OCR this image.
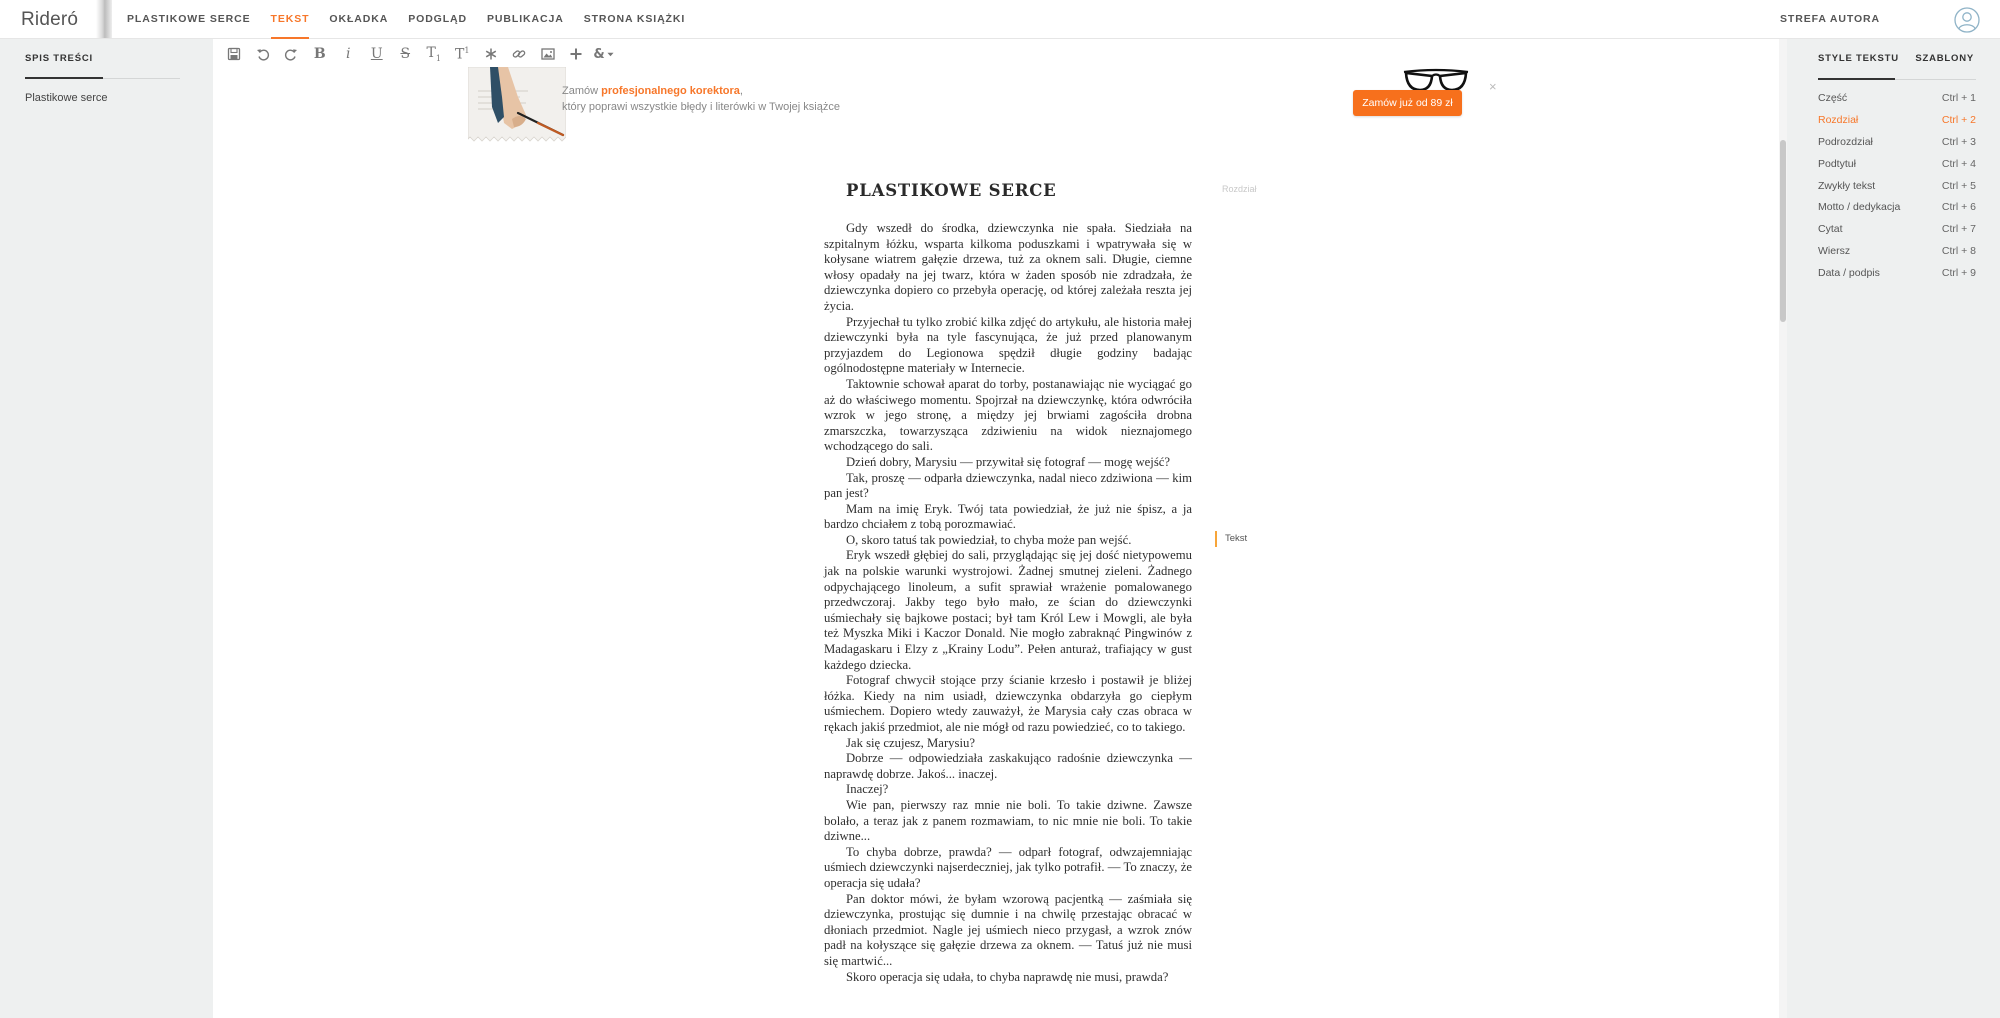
Rideró	PLASTIKOWE SERCE	TEKST	OKŁADKA	PODGLĄD	PUBLIKACJA	STRONA KSIĄŻKI	STREFA AUTORA
SPIS TREŚCI
Plastikowe serce
B i U S $T_1$ $T^1$	&
Zamów profesjonalnego korektora,
który poprawi wszystkie błędy i literówki w Twojej książce	Zamów już od 89 zł
×
PLASTIKOWE SERCE	Rozdział
Tekst

Gdy wszedł do środka, dziewczynka nie spała. Siedziała na szpitalnym łóżku, wsparta kilkoma poduszkami i wpatrywała się w kołysane wiatrem gałęzie drzewa, tuż za oknem sali. Długie, ciemne włosy opadały na jej twarz, która w żaden sposób nie zdradzała, że dziewczynka dopiero co przebyła operację, od której zależała reszta jej życia.

Przyjechał tu tylko zrobić kilka zdjęć do artykułu, ale historia małej dziewczynki była na tyle fascynująca, że już przed planowanym przyjazdem do Legionowa spędził długie godziny badając ogólnodostępne materiały w Internecie.

Taktownie schował aparat do torby, postanawiając nie wyciągać go aż do właściwego momentu. Spojrzał na dziewczynkę, która odwróciła wzrok w jego stronę, a między jej brwiami zagościła drobna zmarszczka, towarzysząca zdziwieniu na widok nieznajomego wchodzącego do sali.

Dzień dobry, Marysiu — przywitał się fotograf — mogę wejść?

Tak, proszę — odparła dziewczynka, nadal nieco zdziwiona — kim pan jest?

Mam na imię Eryk. Twój tata powiedział, że już nie śpisz, a ja bardzo chciałem z tobą porozmawiać.

O, skoro tatuś tak powiedział, to chyba może pan wejść.

Eryk wszedł głębiej do sali, przyglądając się jej dość nietypowemu jak na polskie warunki wystrojowi. Żadnej smutnej zieleni. Żadnego odpychającego linoleum, a sufit sprawiał wrażenie pomalowanego przedwczoraj. Jakby tego było mało, ze ścian do dziewczynki uśmiechały się bajkowe postaci; był tam Król Lew i Mowgli, ale była też Myszka Miki i Kaczor Donald. Nie mogło zabraknąć Pingwinów z Madagaskaru i Elzy z „Krainy Lodu”. Pełen anturaż, trafiający w gust każdego dziecka.

Fotograf chwycił stojące przy ścianie krzesło i postawił je bliżej łóżka. Kiedy na nim usiadł, dziewczynka obdarzyła go ciepłym uśmiechem. Dopiero wtedy zauważył, że Marysia cały czas obraca w rękach jakiś przedmiot, ale nie mógł od razu powiedzieć, co to takiego.

Jak się czujesz, Marysiu?

Dobrze — odpowiedziała zaskakująco radośnie dziewczynka — naprawdę dobrze. Jakoś... inaczej.

Inaczej?

Wie pan, pierwszy raz mnie nie boli. To takie dziwne. Zawsze bolało, a teraz jak z panem rozmawiam, to nic mnie nie boli. To takie dziwne...

To chyba dobrze, prawda? — odparł fotograf, odwzajemniając uśmiech dziewczynki najserdeczniej, jak tylko potrafił. — To znaczy, że operacja się udała?

Pan doktor mówi, że byłam wzorową pacjentką — zaśmiała się dziewczynka, prostując się dumnie i na chwilę przestając obracać w dłoniach przedmiot. Nagle jej uśmiech nieco przygasł, a wzrok znów padł na kołyszące się gałęzie drzewa za oknem. — Tatuś już nie musi się martwić...

Skoro operacja się udała, to chyba naprawdę nie musi, prawda?

STYLE TEKSTU SZABLONY
Część	Ctrl + 1
Rozdział	Ctrl + 2
Podrozdział	Ctrl + 3
Podtytuł	Ctrl + 4
Zwykły tekst	Ctrl + 5
Motto / dedykacja	Ctrl + 6
Cytat	Ctrl + 7
Wiersz	Ctrl + 8
Data / podpis	Ctrl + 9
